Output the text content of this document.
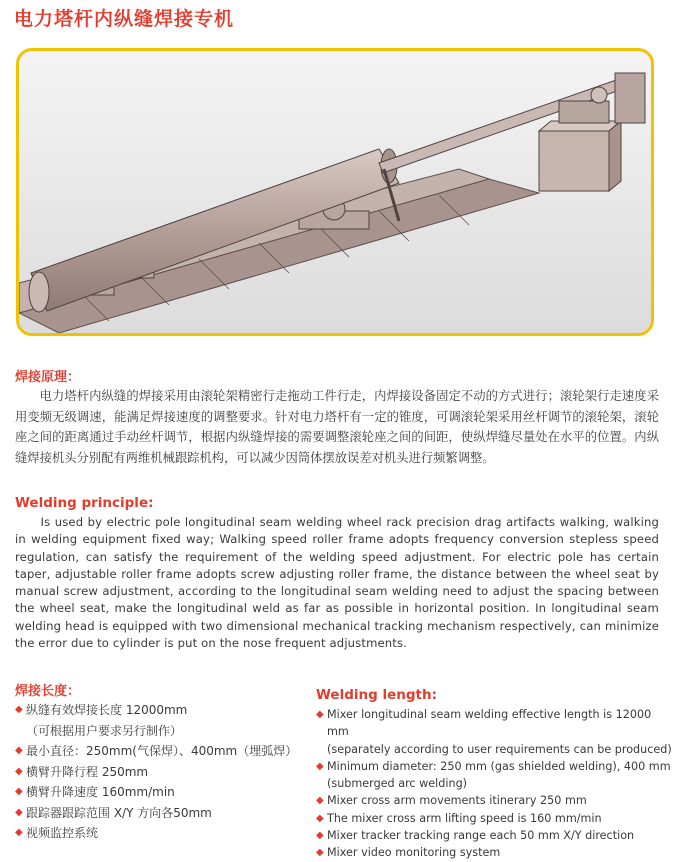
电力塔杆内纵缝焊接专机
焊接原理：
电力塔杆内纵缝的焊接采用由滚轮架精密行走拖动工件行走，内焊接设备固定不动的方式进行；滚轮架行走速度采用变频无级调速，能满足焊接速度的调整要求。针对电力塔杆有一定的锥度，可调滚轮架采用丝杆调节的滚轮架，滚轮座之间的距离通过手动丝杆调节，根据内纵缝焊接的需要调整滚轮座之间的间距，使纵焊缝尽量处在水平的位置。内纵缝焊接机头分别配有两维机械跟踪机构，可以减少因筒体摆放误差对机头进行频繁调整。
Welding principle:
Is used by electric pole longitudinal seam welding wheel rack precision drag artifacts walking, walking in welding equipment fixed way; Walking speed roller frame adopts frequency conversion stepless speed regulation, can satisfy the requirement of the welding speed adjustment. For electric pole has certain taper, adjustable roller frame adopts screw adjusting roller frame, the distance between the wheel seat by manual screw adjustment, according to the longitudinal seam welding need to adjust the spacing between the wheel seat, make the longitudinal weld as far as possible in horizontal position. In longitudinal seam welding head is equipped with two dimensional mechanical tracking mechanism respectively, can minimize the error due to cylinder is put on the nose frequent adjustments.
焊接长度：
◆ 纵缝有效焊接长度 12000mm
（可根据用户要求另行制作）
◆ 最小直径：250mm(气保焊）、400mm（埋弧焊）
◆ 横臂升降行程 250mm
◆ 横臂升降速度 160mm/min
◆ 跟踪器跟踪范围 X/Y 方向各50mm
◆ 视频监控系统
Welding length:
◆ Mixer longitudinal seam welding effective length is 12000 mm
(separately according to user requirements can be produced)
◆ Minimum diameter: 250 mm (gas shielded welding), 400 mm
(submerged arc welding)
◆ Mixer cross arm movements itinerary 250 mm
◆ The mixer cross arm lifting speed is 160 mm/min
◆ Mixer tracker tracking range each 50 mm X/Y direction
◆ Mixer video monitoring system
